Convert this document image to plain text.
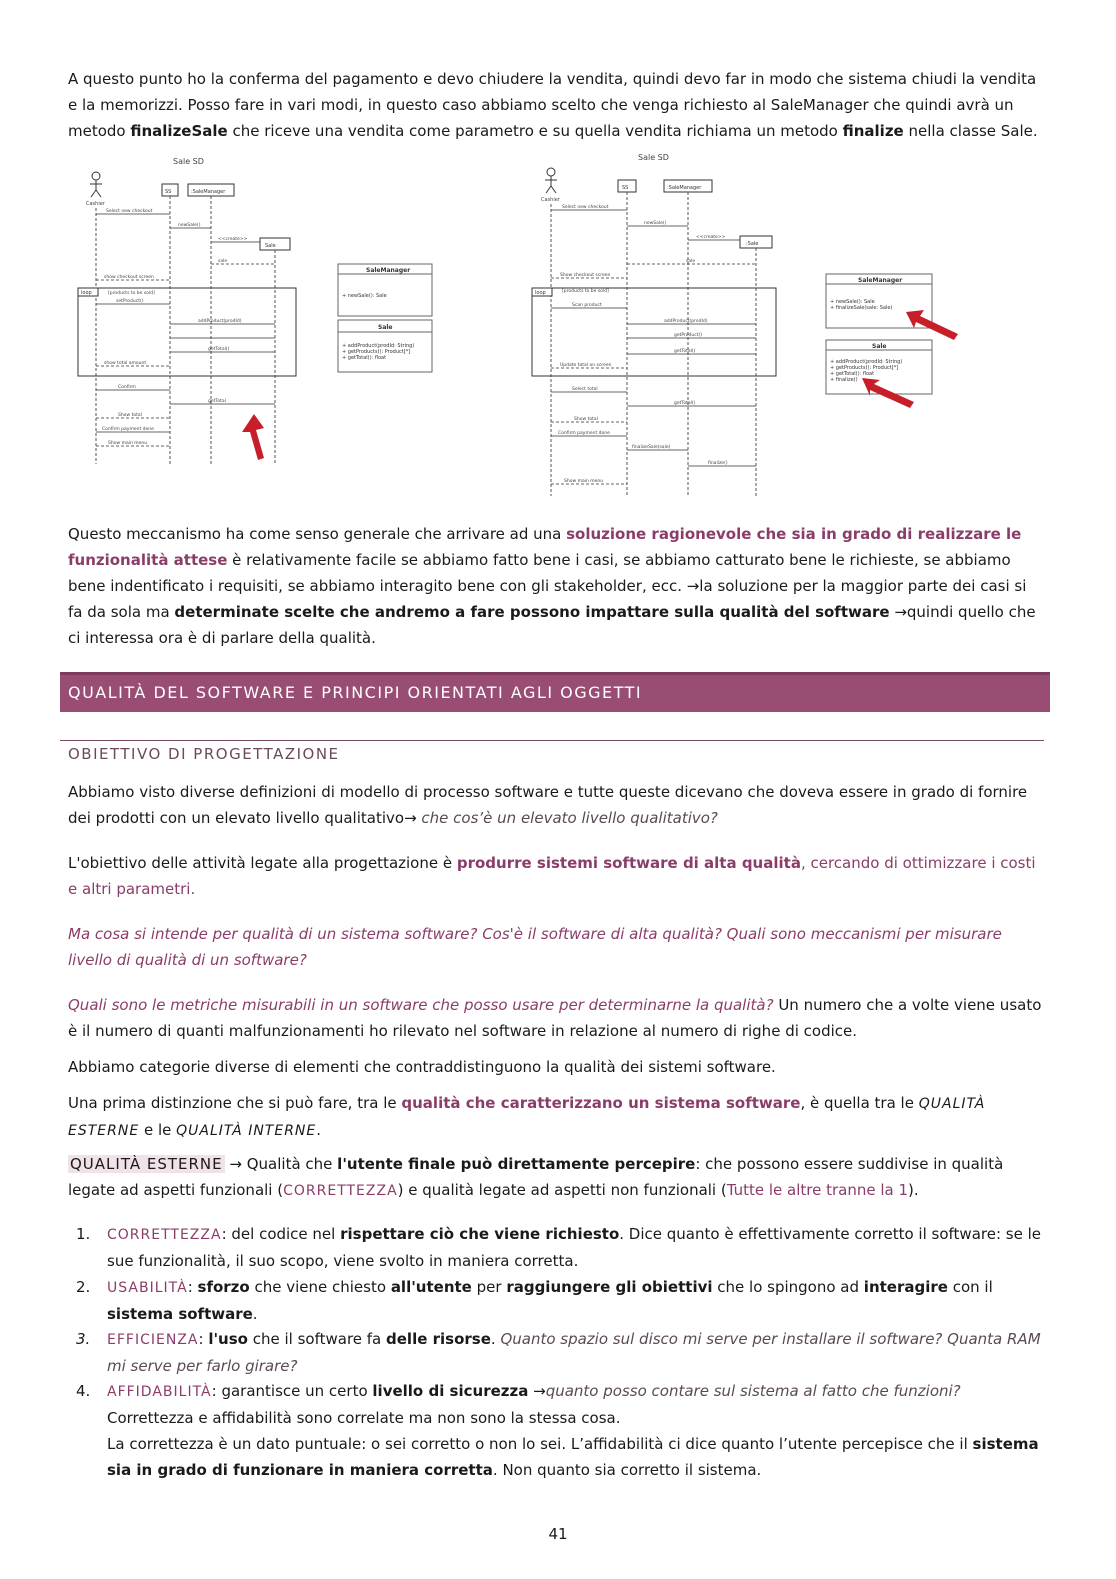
A questo punto ho la conferma del pagamento e devo chiudere la vendita, quindi devo far in modo che sistema chiudi la vendita e la memorizzi. Posso fare in vari modi, in questo caso abbiamo scelto che venga richiesto al SaleManager che quindi avrà un metodo finalizeSale che riceve una vendita come parametro e su quella vendita richiama un metodo finalize nella classe Sale.

Sale SD
Cashier
SS	:SaleManager
Sale
Select new checkout
newSale()
<<create>>
sale
show checkout screen
[products to be sold]
setProduct()
addProduct(prodId)
getTotal()
show total amount
Confirm
getTotal
Show total
Confirm payment done
Show main menu
loop
SaleManager
+ newSale(): Sale
Sale
+ addProduct(prodId: String)
+ getProducts(): Product[*]
+ getTotal(): float
Sale SD
Cashier
SS	:SaleManager
:Sale
Select new checkout
newSale()
<<create>>
sale
Show checkout screen
[products to be sold]
Scan product
addProduct(prodId)
getProduct()
getTotal()
Update total on screen
Select total
getTotal()
Show total
Confirm payment done
finalizeSale(sale)
finalize()
Show main menu
loop
SaleManager
+ newSale(): Sale
+ finalizeSale(sale: Sale)
Sale
+ addProduct(prodId: String)
+ getProducts(): Product[*]
+ getTotal(): float
+ finalize()

Questo meccanismo ha come senso generale che arrivare ad una soluzione ragionevole che sia in grado di realizzare le funzionalità attese è relativamente facile se abbiamo fatto bene i casi, se abbiamo catturato bene le richieste, se abbiamo bene indentificato i requisiti, se abbiamo interagito bene con gli stakeholder, ecc. →la soluzione per la maggior parte dei casi si fa da sola ma determinate scelte che andremo a fare possono impattare sulla qualità del software →quindi quello che ci interessa ora è di parlare della qualità.

QUALITÀ DEL SOFTWARE E PRINCIPI ORIENTATI AGLI OGGETTI
OBIETTIVO DI PROGETTAZIONE

Abbiamo visto diverse definizioni di modello di processo software e tutte queste dicevano che doveva essere in grado di fornire dei prodotti con un elevato livello qualitativo→ che cos’è un elevato livello qualitativo?

L'obiettivo delle attività legate alla progettazione è produrre sistemi software di alta qualità, cercando di ottimizzare i costi e altri parametri.

Ma cosa si intende per qualità di un sistema software? Cos'è il software di alta qualità? Quali sono meccanismi per misurare livello di qualità di un software?

Quali sono le metriche misurabili in un software che posso usare per determinarne la qualità? Un numero che a volte viene usato è il numero di quanti malfunzionamenti ho rilevato nel software in relazione al numero di righe di codice.

Abbiamo categorie diverse di elementi che contraddistinguono la qualità dei sistemi software.

Una prima distinzione che si può fare, tra le qualità che caratterizzano un sistema software, è quella tra le QUALITÀ ESTERNE e le QUALITÀ INTERNE.

QUALITÀ ESTERNE → Qualità che l'utente finale può direttamente percepire: che possono essere suddivise in qualità legate ad aspetti funzionali (CORRETTEZZA) e qualità legate ad aspetti non funzionali (Tutte le altre tranne la 1).

1. CORRETTEZZA: del codice nel rispettare ciò che viene richiesto. Dice quanto è effettivamente corretto il software: se le sue funzionalità, il suo scopo, viene svolto in maniera corretta.
2. USABILITÀ: sforzo che viene chiesto all'utente per raggiungere gli obiettivi che lo spingono ad interagire con il sistema software.
3. EFFICIENZA: l'uso che il software fa delle risorse. Quanto spazio sul disco mi serve per installare il software? Quanta RAM mi serve per farlo girare?
4. AFFIDABILITÀ: garantisce un certo livello di sicurezza →quanto posso contare sul sistema al fatto che funzioni? Correttezza e affidabilità sono correlate ma non sono la stessa cosa.
La correttezza è un dato puntuale: o sei corretto o non lo sei. L’affidabilità ci dice quanto l’utente percepisce che il sistema sia in grado di funzionare in maniera corretta. Non quanto sia corretto il sistema.
41
